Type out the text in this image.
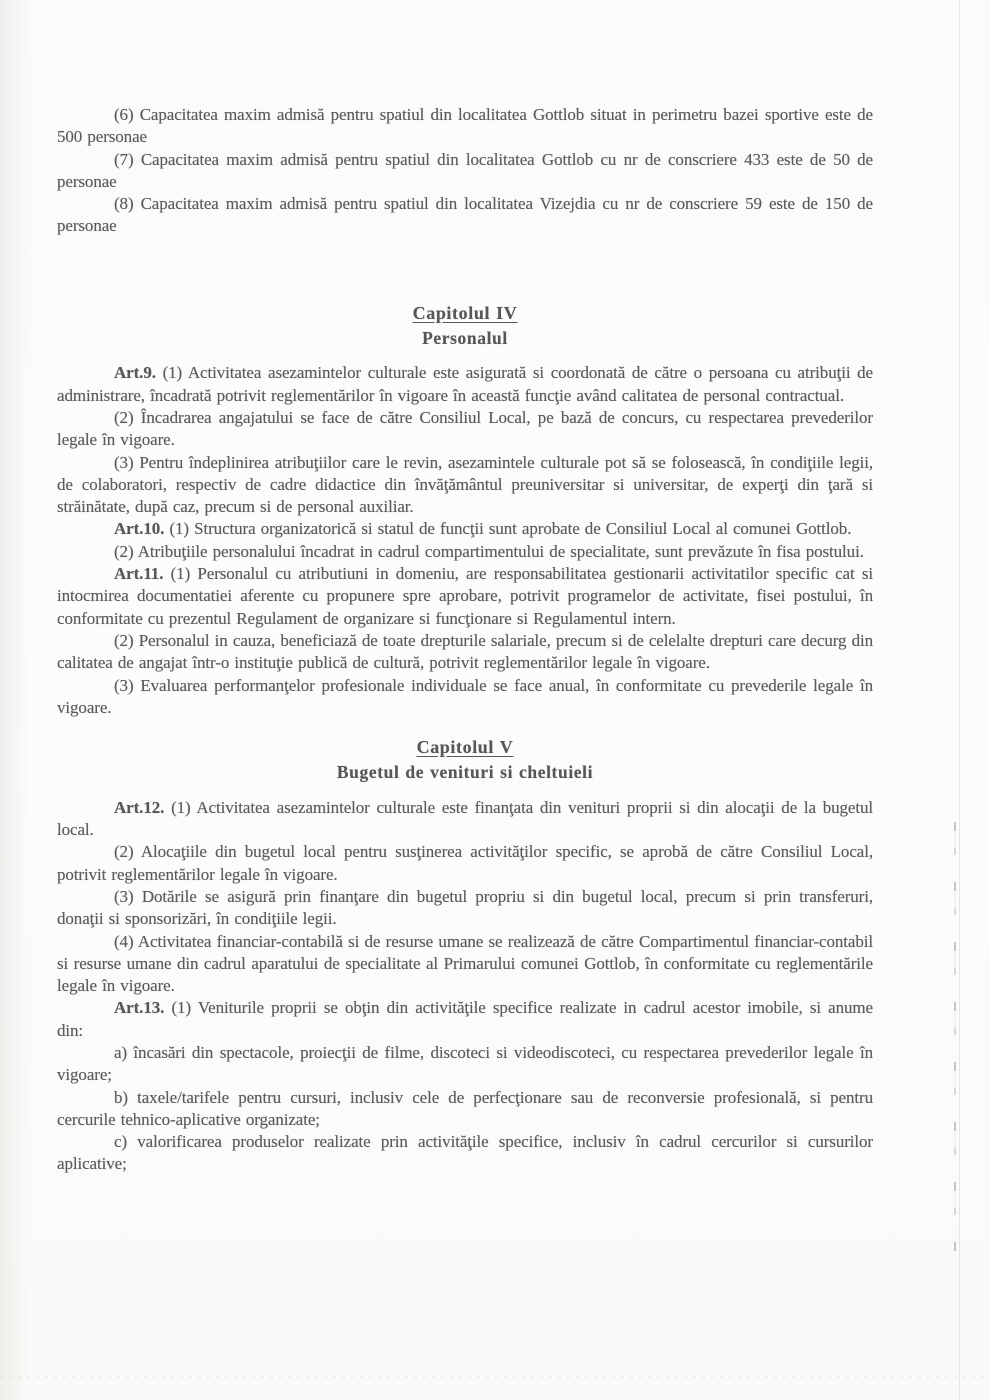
(6) Capacitatea maxim admisă pentru spatiul din localitatea Gottlob situat in perimetru bazei sportive este de 500 personae

(7) Capacitatea maxim admisă pentru spatiul din localitatea Gottlob cu nr de conscriere 433 este de 50 de personae

(8) Capacitatea maxim admisă pentru spatiul din localitatea Vizejdia cu nr de conscriere 59 este de 150 de personae

Capitolul IV
Personalul

Art.9. (1) Activitatea asezamintelor culturale este asigurată si coordonată de către o persoana cu atribuţii de administrare, încadrată potrivit reglementărilor în vigoare în această funcţie având calitatea de personal contractual.

(2) Încadrarea angajatului se face de către Consiliul Local, pe bază de concurs, cu respectarea prevederilor legale în vigoare.

(3) Pentru îndeplinirea atribuţiilor care le revin, asezamintele culturale pot să se folosească, în condiţiile legii, de colaboratori, respectiv de cadre didactice din învăţământul preuniversitar si universitar, de experţi din ţară si străinătate, după caz, precum si de personal auxiliar.

Art.10. (1) Structura organizatorică si statul de funcţii sunt aprobate de Consiliul Local al comunei Gottlob.

(2) Atribuţiile personalului încadrat in cadrul compartimentului de specialitate, sunt prevăzute în fisa postului.

Art.11. (1) Personalul cu atributiuni in domeniu, are responsabilitatea gestionarii activitatilor specific cat si intocmirea documentatiei aferente cu propunere spre aprobare, potrivit programelor de activitate, fisei postului, în conformitate cu prezentul Regulament de organizare si funcţionare si Regulamentul intern.

(2) Personalul in cauza, beneficiază de toate drepturile salariale, precum si de celelalte drepturi care decurg din calitatea de angajat într-o instituţie publică de cultură, potrivit reglementărilor legale în vigoare.

(3) Evaluarea performanţelor profesionale individuale se face anual, în conformitate cu prevederile legale în vigoare.

Capitolul V
Bugetul de venituri si cheltuieli

Art.12. (1) Activitatea asezamintelor culturale este finanţata din venituri proprii si din alocaţii de la bugetul local.

(2) Alocaţiile din bugetul local pentru susţinerea activităţilor specific, se aprobă de către Consiliul Local, potrivit reglementărilor legale în vigoare.

(3) Dotările se asigură prin finanţare din bugetul propriu si din bugetul local, precum si prin transferuri, donaţii si sponsorizări, în condiţiile legii.

(4) Activitatea financiar-contabilă si de resurse umane se realizează de către Compartimentul financiar-contabil si resurse umane din cadrul aparatului de specialitate al Primarului comunei Gottlob, în conformitate cu reglementările legale în vigoare.

Art.13. (1) Veniturile proprii se obţin din activităţile specifice realizate in cadrul acestor imobile, si anume din:

a) încasări din spectacole, proiecţii de filme, discoteci si videodiscoteci, cu respectarea prevederilor legale în vigoare;

b) taxele/tarifele pentru cursuri, inclusiv cele de perfecţionare sau de reconversie profesională, si pentru cercurile tehnico-aplicative organizate;

c) valorificarea produselor realizate prin activităţile specifice, inclusiv în cadrul cercurilor si cursurilor aplicative;
